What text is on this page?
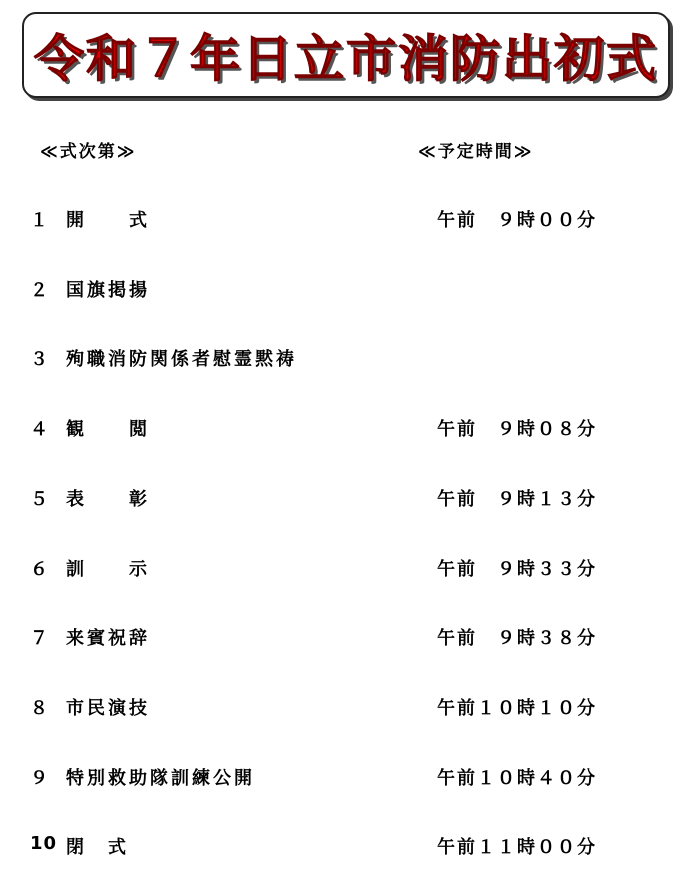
令和７年日立市消防出初式
≪式次第≫	≪予定時間≫
１ 開　　式	午前　９時００分
２ 国旗掲揚
３ 殉職消防関係者慰霊黙祷
４ 観　　閲	午前　９時０８分
５ 表　　彰	午前　９時１３分
６ 訓　　示	午前　９時３３分
７ 来賓祝辞	午前　９時３８分
８ 市民演技	午前１０時１０分
９ 特別救助隊訓練公開	午前１０時４０分
10 閉　式	午前１１時００分
